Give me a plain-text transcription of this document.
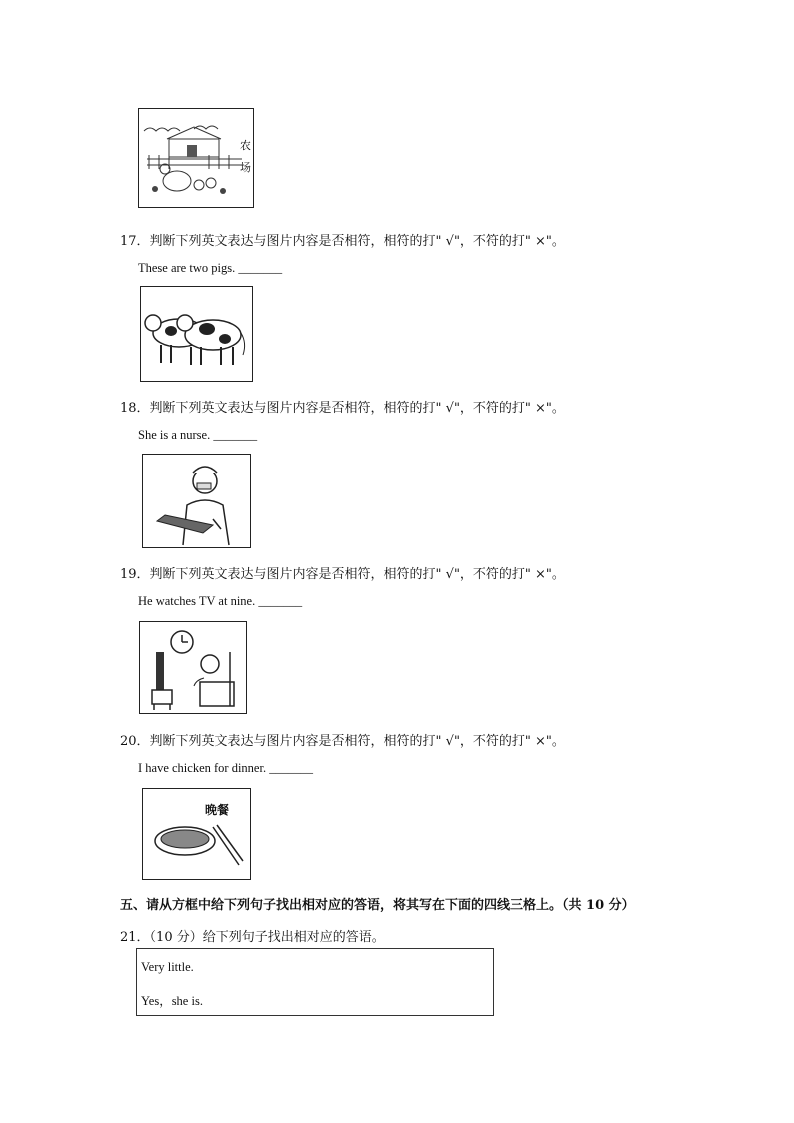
农
场
17．判断下列英文表达与图片内容是否相符，相符的打" √"，不符的打" ×"。
These are two pigs. _______
18．判断下列英文表达与图片内容是否相符，相符的打" √"，不符的打" ×"。
She is a nurse. _______
19．判断下列英文表达与图片内容是否相符，相符的打" √"，不符的打" ×"。
He watches TV at nine. _______
20．判断下列英文表达与图片内容是否相符，相符的打" √"，不符的打" ×"。
I have chicken for dinner. _______
晚餐
五、请从方框中给下列句子找出相对应的答语，将其写在下面的四线三格上。（共 10 分）
21．（10 分）给下列句子找出相对应的答语。
Very little.
Yes，she is.
